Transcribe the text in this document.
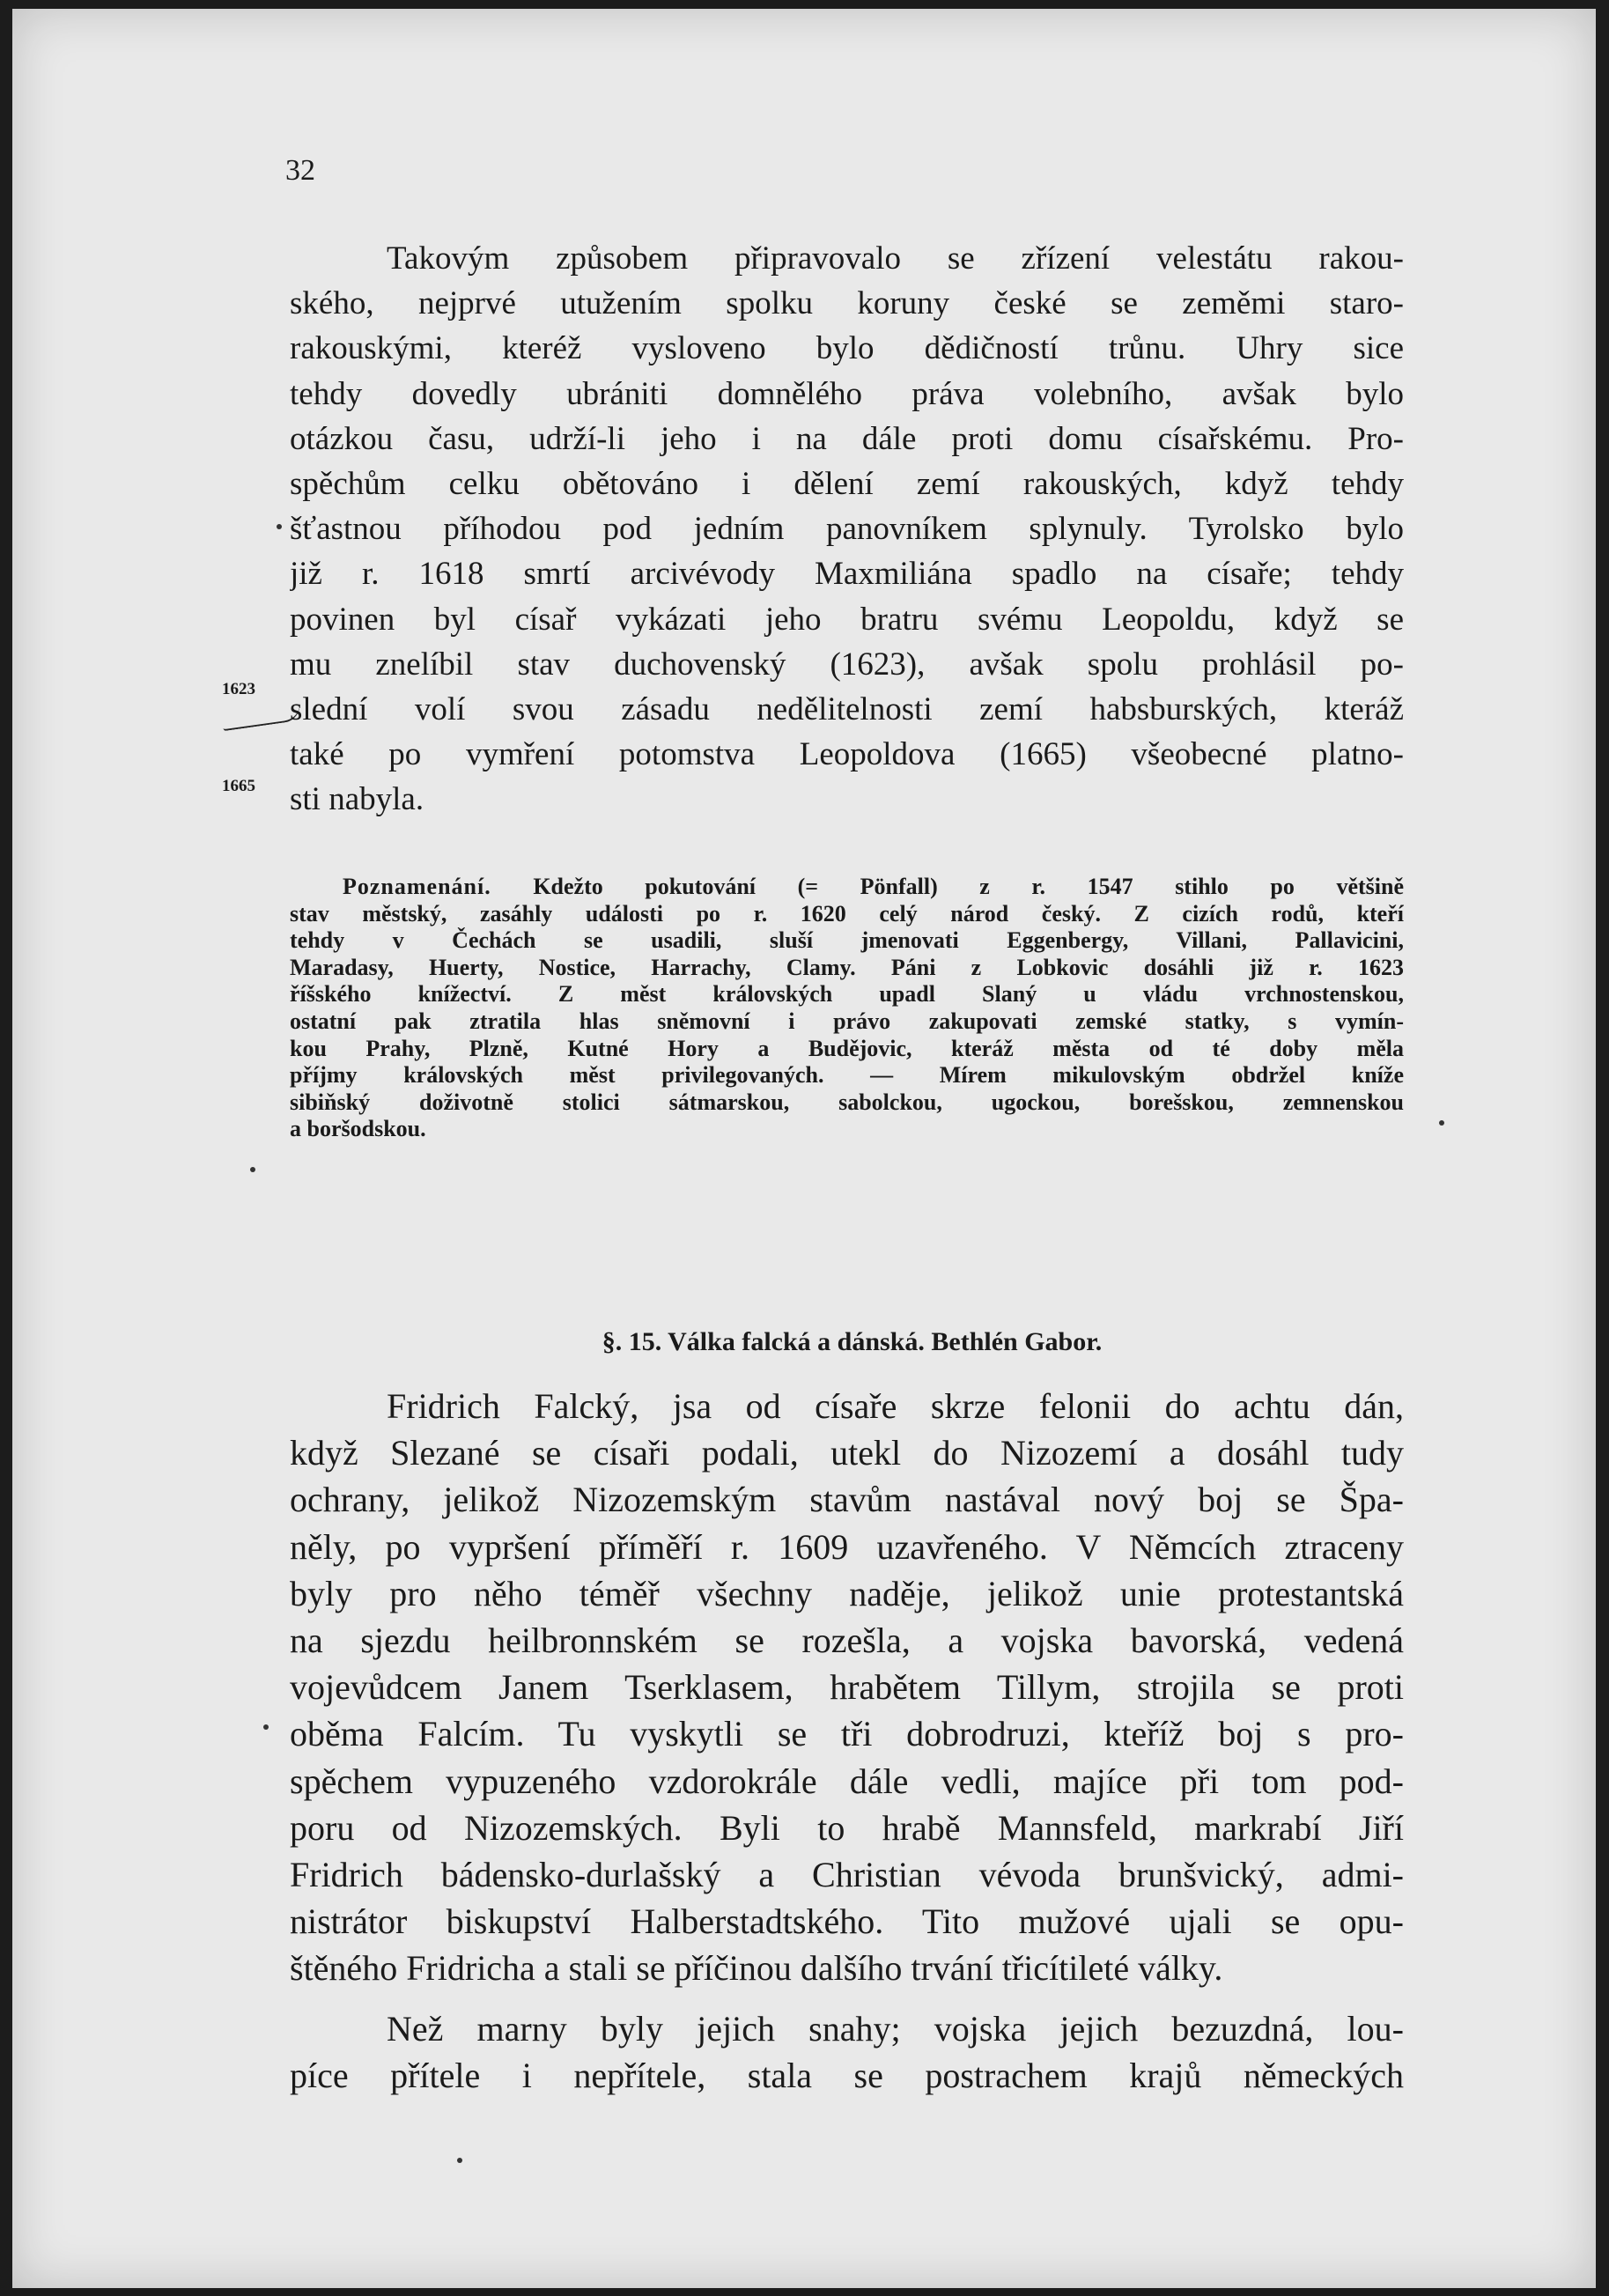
32
1623
1665
Takovým způsobem připravovalo se zřízení velestátu rakou-
ského, nejprvé utužením spolku koruny české se zeměmi staro-
rakouskými, kteréž vysloveno bylo dědičností trůnu. Uhry sice
tehdy dovedly ubrániti domnělého práva volebního, avšak bylo
otázkou času, udrží-li jeho i na dále proti domu císařskému. Pro-
spěchům celku obětováno i dělení zemí rakouských, když tehdy
šťastnou příhodou pod jedním panovníkem splynuly. Tyrolsko bylo
již r. 1618 smrtí arcivévody Maxmiliána spadlo na císaře; tehdy
povinen byl císař vykázati jeho bratru svému Leopoldu, když se
mu znelíbil stav duchovenský (1623), avšak spolu prohlásil po-
slední volí svou zásadu nedělitelnosti zemí habsburských, kteráž
také po vymření potomstva Leopoldova (1665) všeobecné platno-
sti nabyla.
Poznamenání. Kdežto pokutování (= Pönfall) z r. 1547 stihlo po většině
stav městský, zasáhly události po r. 1620 celý národ český. Z cizích rodů, kteří
tehdy v Čechách se usadili, sluší jmenovati Eggenbergy, Villani, Pallavicini,
Maradasy, Huerty, Nostice, Harrachy, Clamy. Páni z Lobkovic dosáhli již r. 1623
říšského knížectví. Z měst královských upadl Slaný u vládu vrchnostenskou,
ostatní pak ztratila hlas sněmovní i právo zakupovati zemské statky, s vymín-
kou Prahy, Plzně, Kutné Hory a Budějovic, kteráž města od té doby měla
příjmy královských měst privilegovaných. — Mírem mikulovským obdržel kníže
sibiňský doživotně stolici sátmarskou, sabolckou, ugockou, borešskou, zemnenskou
a boršodskou.
§. 15. Válka falcká a dánská. Bethlén Gabor.
Fridrich Falcký, jsa od císaře skrze felonii do achtu dán,
když Slezané se císaři podali, utekl do Nizozemí a dosáhl tudy
ochrany, jelikož Nizozemským stavům nastával nový boj se Špa-
něly, po vypršení příměří r. 1609 uzavřeného. V Němcích ztraceny
byly pro něho téměř všechny naděje, jelikož unie protestantská
na sjezdu heilbronnském se rozešla, a vojska bavorská, vedená
vojevůdcem Janem Tserklasem, hrabětem Tillym, strojila se proti
oběma Falcím. Tu vyskytli se tři dobrodruzi, kteříž boj s pro-
spěchem vypuzeného vzdorokrále dále vedli, majíce při tom pod-
poru od Nizozemských. Byli to hrabě Mannsfeld, markrabí Jiří
Fridrich bádensko-durlašský a Christian vévoda brunšvický, admi-
nistrátor biskupství Halberstadtského. Tito mužové ujali se opu-
štěného Fridricha a stali se příčinou dalšího trvání třicítileté války.
Než marny byly jejich snahy; vojska jejich bezuzdná, lou-
píce přítele i nepřítele, stala se postrachem krajů německých
